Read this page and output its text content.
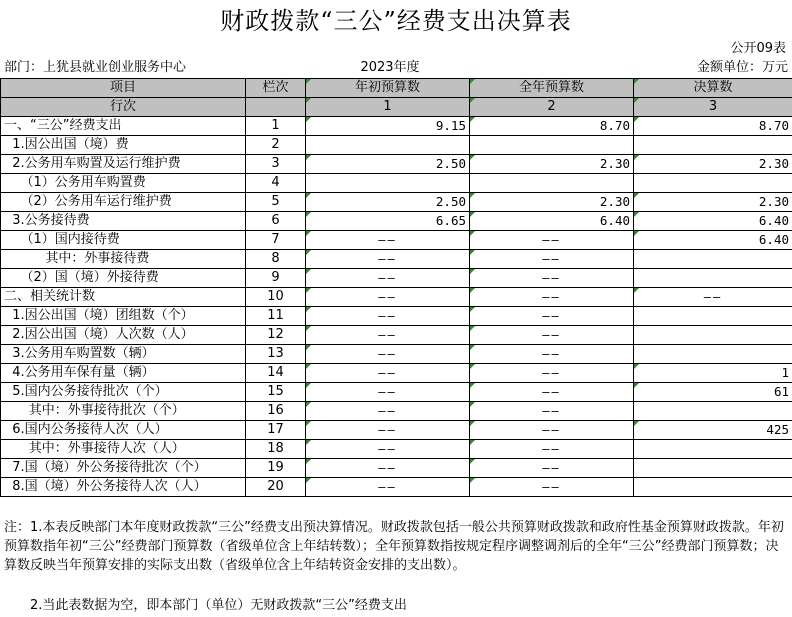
财政拨款“三公”经费支出决算表
公开09表
部门：上犹县就业创业服务中心	2023年度	金额单位：万元
项目	栏次	年初预算数	全年预算数	决算数
行次		1	2	3
一、“三公”经费支出	1	9.15	8.70	8.70
1.因公出国（境）费	2			
2.公务用车购置及运行维护费	3	2.50	2.30	2.30
（1）公务用车购置费	4			
（2）公务用车运行维护费	5	2.50	2.30	2.30
3.公务接待费	6	6.65	6.40	6.40
（1）国内接待费	7	——	——	6.40
其中：外事接待费	8	——	——	
（2）国（境）外接待费	9	——	——	
二、相关统计数	10	——	——	——
1.因公出国（境）团组数（个）	11	——	——	
2.因公出国（境）人次数（人）	12	——	——	
3.公务用车购置数（辆）	13	——	——	
4.公务用车保有量（辆）	14	——	——	1
5.国内公务接待批次（个）	15	——	——	61
其中：外事接待批次（个）	16	——	——	
6.国内公务接待人次（人）	17	——	——	425
其中：外事接待人次（人）	18	——	——	
7.国（境）外公务接待批次（个）	19	——	——	
8.国（境）外公务接待人次（人）	20	——	——	
注：1.本表反映部门本年度财政拨款“三公”经费支出预决算情况。财政拨款包括一般公共预算财政拨款和政府性基金预算财政拨款。年初预算数指年初“三公”经费部门预算数（省级单位含上年结转数）；全年预算数指按规定程序调整调剂后的全年“三公”经费部门预算数；决算数反映当年预算安排的实际支出数（省级单位含上年结转资金安排的支出数）。
2.当此表数据为空，即本部门（单位）无财政拨款“三公”经费支出
